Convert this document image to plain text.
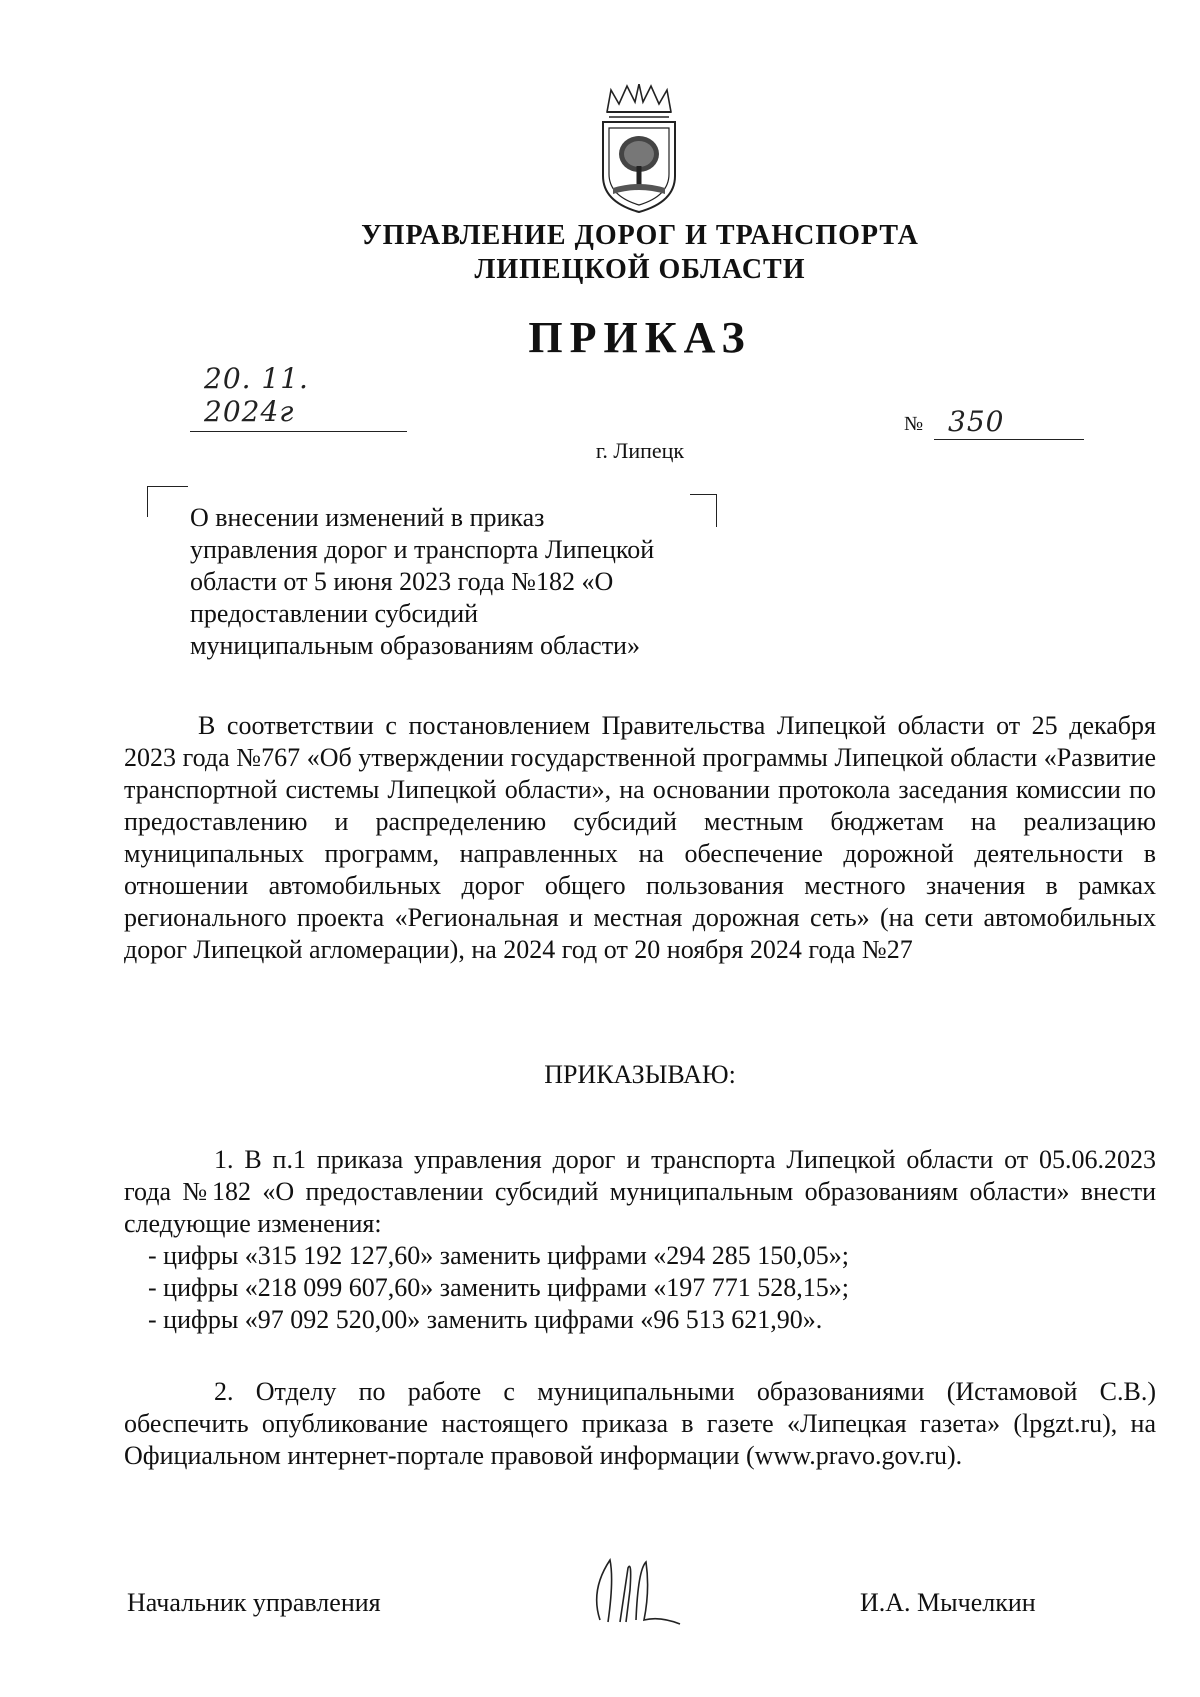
УПРАВЛЕНИЕ ДОРОГ И ТРАНСПОРТА
ЛИПЕЦКОЙ ОБЛАСТИ
ПРИКАЗ
20. 11. 2024г	№ 350
г. Липецк
О внесении изменений в приказ
управления дорог и транспорта Липецкой
области от 5 июня 2023 года №182 «О
предоставлении субсидий
муниципальным образованиям области»
В соответствии с постановлением Правительства Липецкой области от 25 декабря 2023 года №767 «Об утверждении государственной программы Липецкой области «Развитие транспортной системы Липецкой области», на основании протокола заседания комиссии по предоставлению и распределению субсидий местным бюджетам на реализацию муниципальных программ, направленных на обеспечение дорожной деятельности в отношении автомобильных дорог общего пользования местного значения в рамках регионального проекта «Региональная и местная дорожная сеть» (на сети автомобильных дорог Липецкой агломерации), на 2024 год от 20 ноября 2024 года №27
ПРИКАЗЫВАЮ:
1. В п.1 приказа управления дорог и транспорта Липецкой области от 05.06.2023 года №182 «О предоставлении субсидий муниципальным образованиям области» внести следующие изменения:
- цифры «315 192 127,60» заменить цифрами «294 285 150,05»;
- цифры «218 099 607,60» заменить цифрами «197 771 528,15»;
- цифры «97 092 520,00» заменить цифрами «96 513 621,90».
2. Отделу по работе с муниципальными образованиями (Истамовой С.В.) обеспечить опубликование настоящего приказа в газете «Липецкая газета» (lpgzt.ru), на Официальном интернет-портале правовой информации (www.pravo.gov.ru).
Начальник управления	И.А. Мычелкин
